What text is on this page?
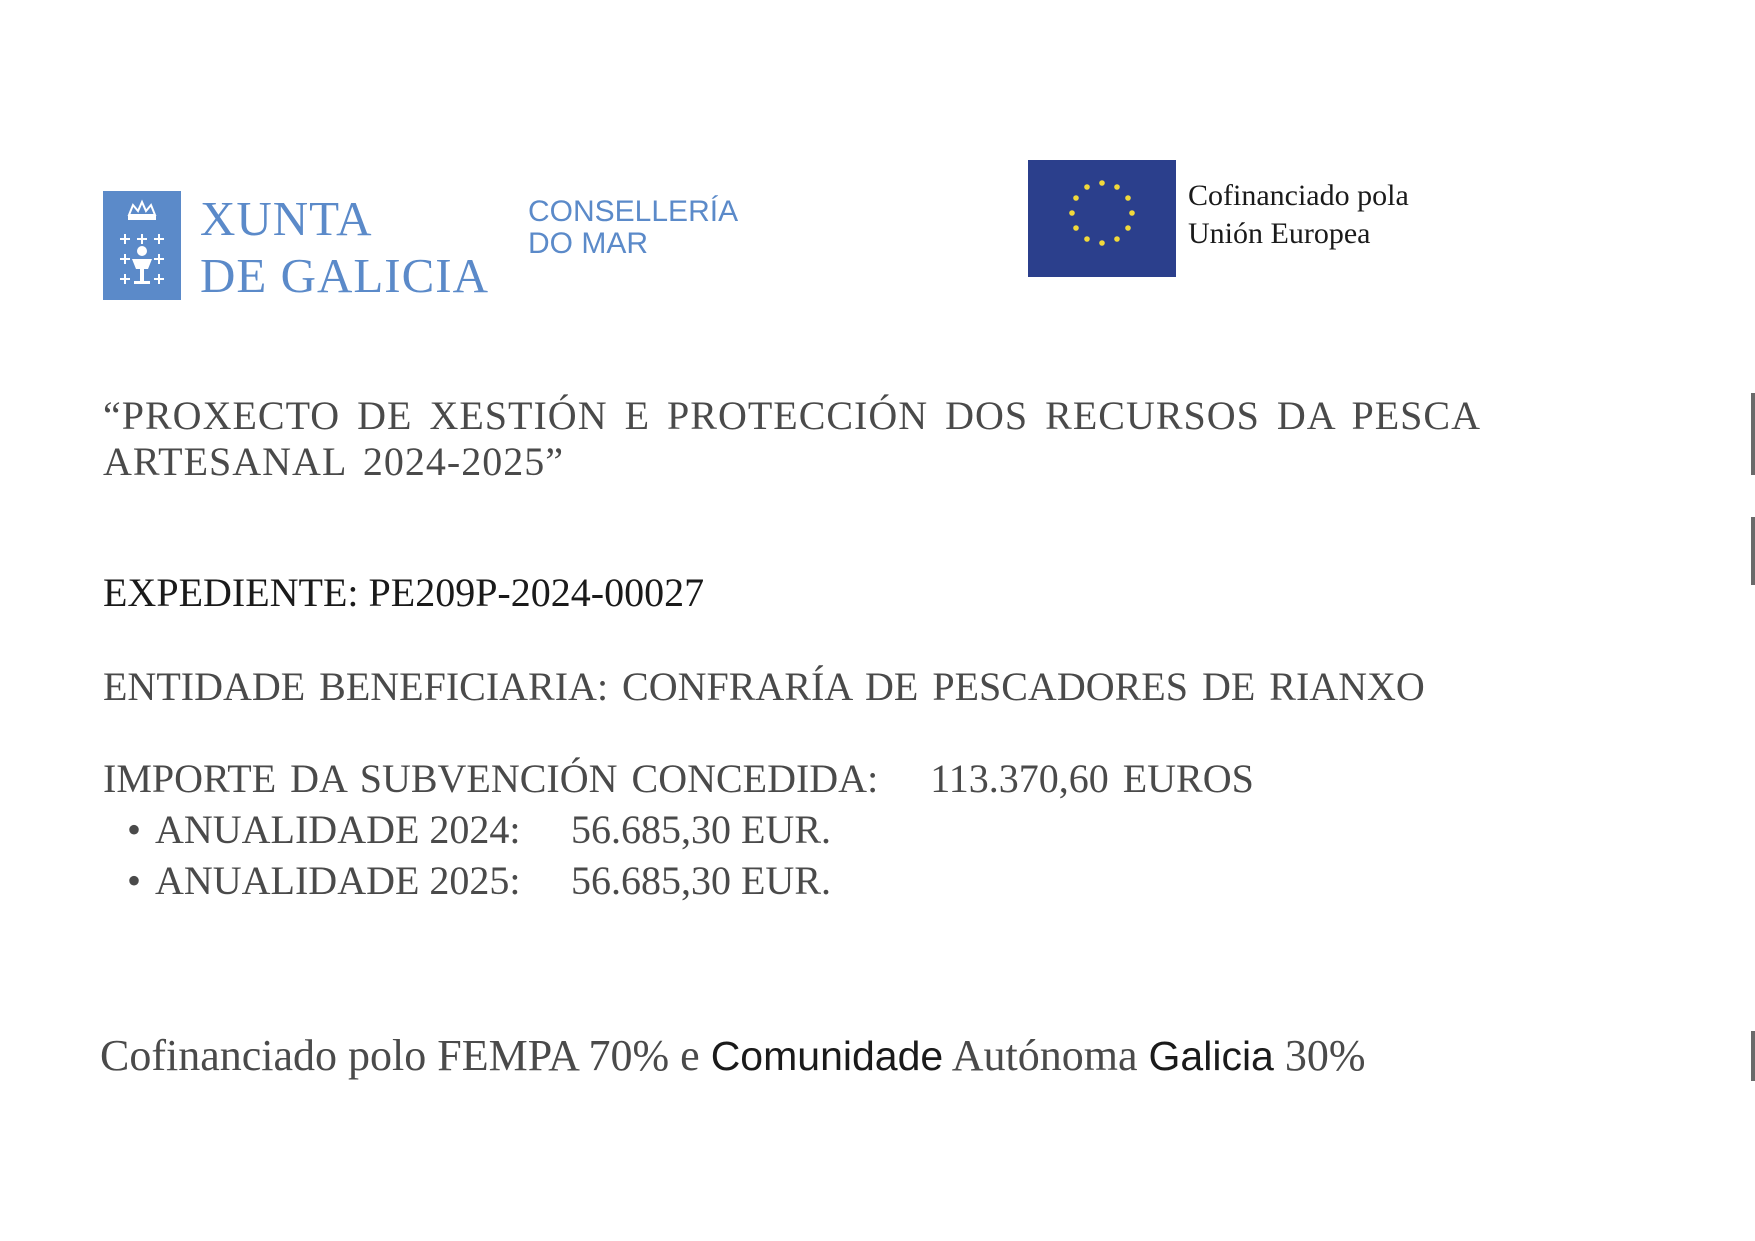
XUNTA
DE GALICIA
CONSELLERÍA
DO MAR
Cofinanciado pola
Unión Europea
“PROXECTO DE XESTIÓN E PROTECCIÓN DOS RECURSOS DA PESCA ARTESANAL 2024-2025”
EXPEDIENTE: PE209P-2024-00027
ENTIDADE BENEFICIARIA: CONFRARÍA DE PESCADORES DE RIANXO
IMPORTE DA SUBVENCIÓN CONCEDIDA: 113.370,60 EUROS
• ANUALIDADE 2024: 56.685,30 EUR.
• ANUALIDADE 2025: 56.685,30 EUR.
Cofinanciado polo FEMPA 70% e Comunidade Autónoma Galicia 30%
